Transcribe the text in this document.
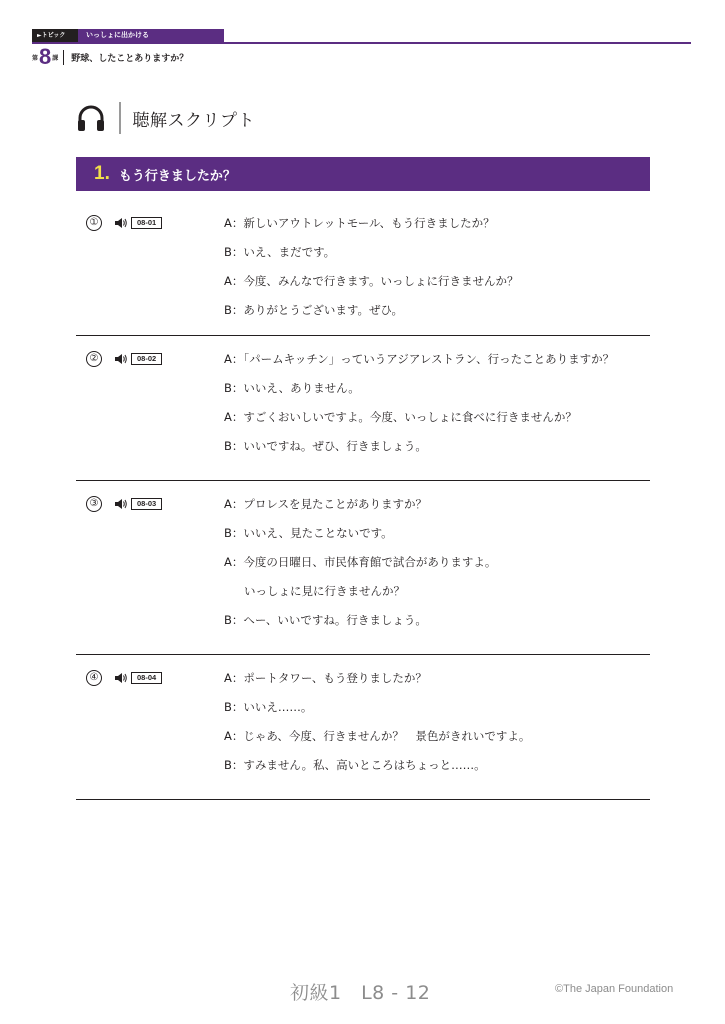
►トピック	いっしょに出かける
第 8 課 野球、したことありますか？
聴解スクリプト
1. もう行きましたか？
①	08-01	A：新しいアウトレットモール、もう行きましたか？
B：いえ、まだです。
A：今度、みんなで行きます。いっしょに行きませんか？
B：ありがとうございます。ぜひ。
②	08-02	A：「パームキッチン」っていうアジアレストラン、行ったことありますか？
B：いいえ、ありません。
A：すごくおいしいですよ。今度、いっしょに食べに行きませんか？
B：いいですね。ぜひ、行きましょう。
③	08-03	A：プロレスを見たことがありますか？
B：いいえ、見たことないです。
A：今度の日曜日、市民体育館で試合がありますよ。
いっしょに見に行きませんか？
B：へー、いいですね。行きましょう。
④	08-04	A：ポートタワー、もう登りましたか？
B：いいえ……。
A：じゃあ、今度、行きませんか？　景色がきれいですよ。
B：すみません。私、高いところはちょっと……。
初級1　L8 - 12	©The Japan Foundation
